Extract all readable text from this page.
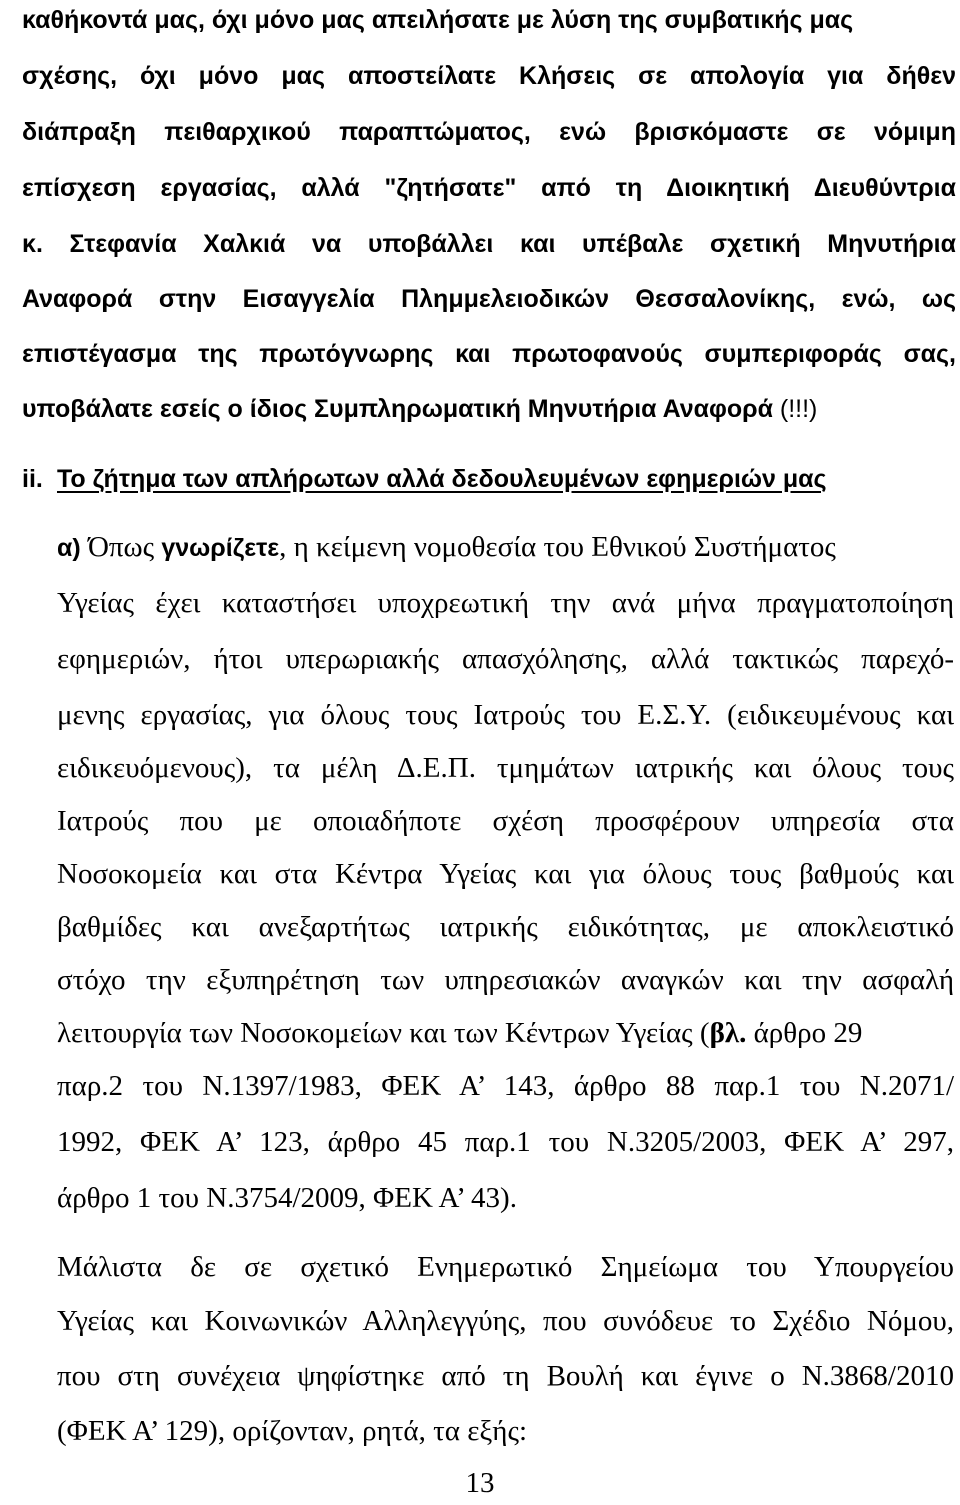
καθήκοντά μας, όχι μόνο μας απειλήσατε με λύση της συμβατικής μας
σχέσης, όχι μόνο μας αποστείλατε Κλήσεις σε απολογία για δήθεν
διάπραξη πειθαρχικού παραπτώματος, ενώ βρισκόμαστε σε νόμιμη
επίσχεση εργασίας, αλλά "ζητήσατε" από τη Διοικητική Διευθύντρια
κ. Στεφανία Χαλκιά να υποβάλλει και υπέβαλε σχετική Μηνυτήρια
Αναφορά στην Εισαγγελία Πλημμελειοδικών Θεσσαλονίκης, ενώ, ως
επιστέγασμα της πρωτόγνωρης και πρωτοφανούς συμπεριφοράς σας,
υποβάλατε εσείς ο ίδιος Συμπληρωματική Μηνυτήρια Αναφορά (!!!)
ii. Το ζήτημα των απλήρωτων αλλά δεδουλευμένων εφημεριών μας
α) Όπως γνωρίζετε, η κείμενη νομοθεσία του Εθνικού Συστήματος
Υγείας έχει καταστήσει υποχρεωτική την ανά μήνα πραγματοποίηση
εφημεριών, ήτοι υπερωριακής απασχόλησης, αλλά τακτικώς παρεχό-
μενης εργασίας, για όλους τους Ιατρούς του Ε.Σ.Υ. (ειδικευμένους και
ειδικευόμενους), τα μέλη Δ.Ε.Π. τμημάτων ιατρικής και όλους τους
Ιατρούς που με οποιαδήποτε σχέση προσφέρουν υπηρεσία στα
Νοσοκομεία και στα Κέντρα Υγείας και για όλους τους βαθμούς και
βαθμίδες και ανεξαρτήτως ιατρικής ειδικότητας, με αποκλειστικό
στόχο την εξυπηρέτηση των υπηρεσιακών αναγκών και την ασφαλή
λειτουργία των Νοσοκομείων και των Κέντρων Υγείας (βλ. άρθρο 29
παρ.2 του Ν.1397/1983, ΦΕΚ Α’ 143, άρθρο 88 παρ.1 του Ν.2071/
1992, ΦΕΚ Α’ 123, άρθρο 45 παρ.1 του Ν.3205/2003, ΦΕΚ Α’ 297,
άρθρο 1 του Ν.3754/2009, ΦΕΚ Α’ 43).
Μάλιστα δε σε σχετικό Ενημερωτικό Σημείωμα του Υπουργείου
Υγείας και Κοινωνικών Αλληλεγγύης, που συνόδευε το Σχέδιο Νόμου,
που στη συνέχεια ψηφίστηκε από τη Βουλή και έγινε ο Ν.3868/2010
(ΦΕΚ Α’ 129), ορίζονταν, ρητά, τα εξής:
13
